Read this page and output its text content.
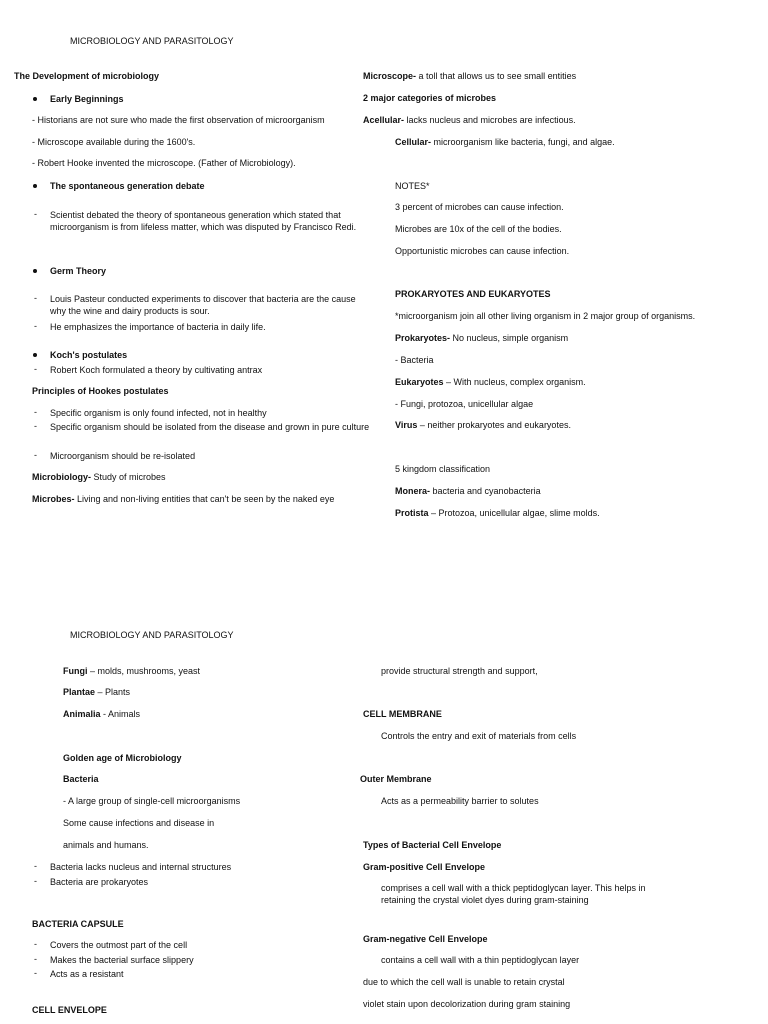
MICROBIOLOGY AND PARASITOLOGY
The Development of microbiology
Early Beginnings
- Historians are not sure who made the first observation of microorganism
- Microscope available during the 1600's.
- Robert Hooke invented the microscope. (Father of Microbiology).
The spontaneous generation debate
- Scientist debated the theory of spontaneous generation which stated that microorganism is from lifeless matter, which was disputed by Francisco Redi.
Germ Theory
- Louis Pasteur conducted experiments to discover that bacteria are the cause why the wine and dairy products is sour.
- He emphasizes the importance of bacteria in daily life.
Koch's postulates
- Robert Koch formulated a theory by cultivating antrax
Principles of Hookes postulates
- Specific organism is only found infected, not in healthy
- Specific organism should be isolated from the disease and grown in pure culture
- Microorganism should be re-isolated
Microbiology- Study of microbes
Microbes- Living and non-living entities that can't be seen by the naked eye
Microscope- a toll that allows us to see small entities
2 major categories of microbes
Acellular- lacks nucleus and microbes are infectious.
Cellular- microorganism like bacteria, fungi, and algae.
NOTES*
3 percent of microbes can cause infection.
Microbes are 10x of the cell of the bodies.
Opportunistic microbes can cause infection.
PROKARYOTES AND EUKARYOTES
*microorganism join all other living organism in 2 major group of organisms.
Prokaryotes- No nucleus, simple organism
- Bacteria
Eukaryotes – With nucleus, complex organism.
- Fungi, protozoa, unicellular algae
Virus – neither prokaryotes and eukaryotes.
5 kingdom classification
Monera- bacteria and cyanobacteria
Protista – Protozoa, unicellular algae, slime molds.
MICROBIOLOGY AND PARASITOLOGY
Fungi – molds, mushrooms, yeast
Plantae – Plants
Animalia - Animals
Golden age of Microbiology
Bacteria
- A large group of single-cell microorganisms
Some cause infections and disease in
animals and humans.
- Bacteria lacks nucleus and internal structures
- Bacteria are prokaryotes
BACTERIA CAPSULE
- Covers the outmost part of the cell
- Makes the bacterial surface slippery
- Acts as a resistant
CELL ENVELOPE
provide structural strength and support,
CELL MEMBRANE
Controls the entry and exit of materials from cells
Outer Membrane
Acts as a permeability barrier to solutes
Types of Bacterial Cell Envelope
Gram-positive Cell Envelope
comprises a cell wall with a thick peptidoglycan layer. This helps in retaining the crystal violet dyes during gram-staining
Gram-negative Cell Envelope
contains a cell wall with a thin peptidoglycan layer
due to which the cell wall is unable to retain crystal
violet stain upon decolorization during gram staining
